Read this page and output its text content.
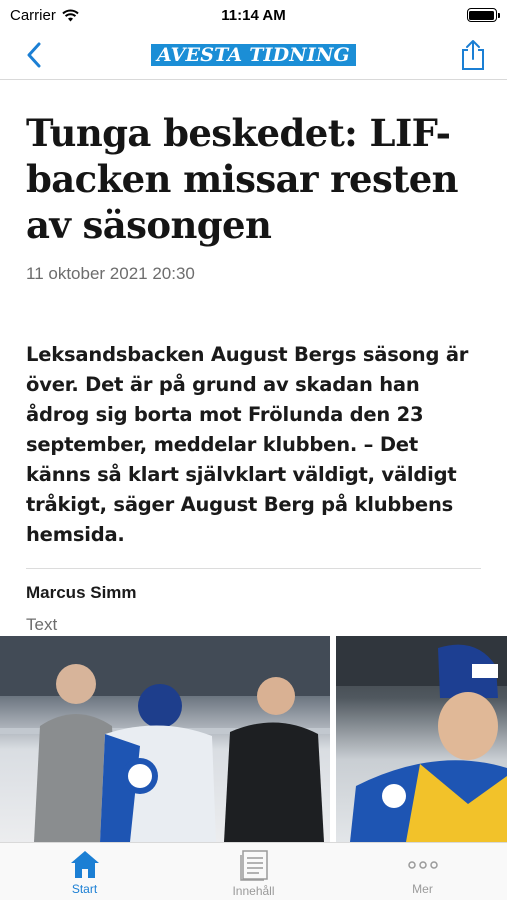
Carrier	11:14 AM
AVESTA TIDNING
Tunga beskedet: LIF-backen missar resten av säsongen
11 oktober 2021 20:30

Leksandsbacken August Bergs säsong är över. Det är på grund av skadan han ådrog sig borta mot Frölunda den 23 september, meddelar klubben. – Det känns så klart självklart väldigt, väldigt tråkigt, säger August Berg på klubbens hemsida.

Marcus Simm
Text
Start	Innehåll	Mer
